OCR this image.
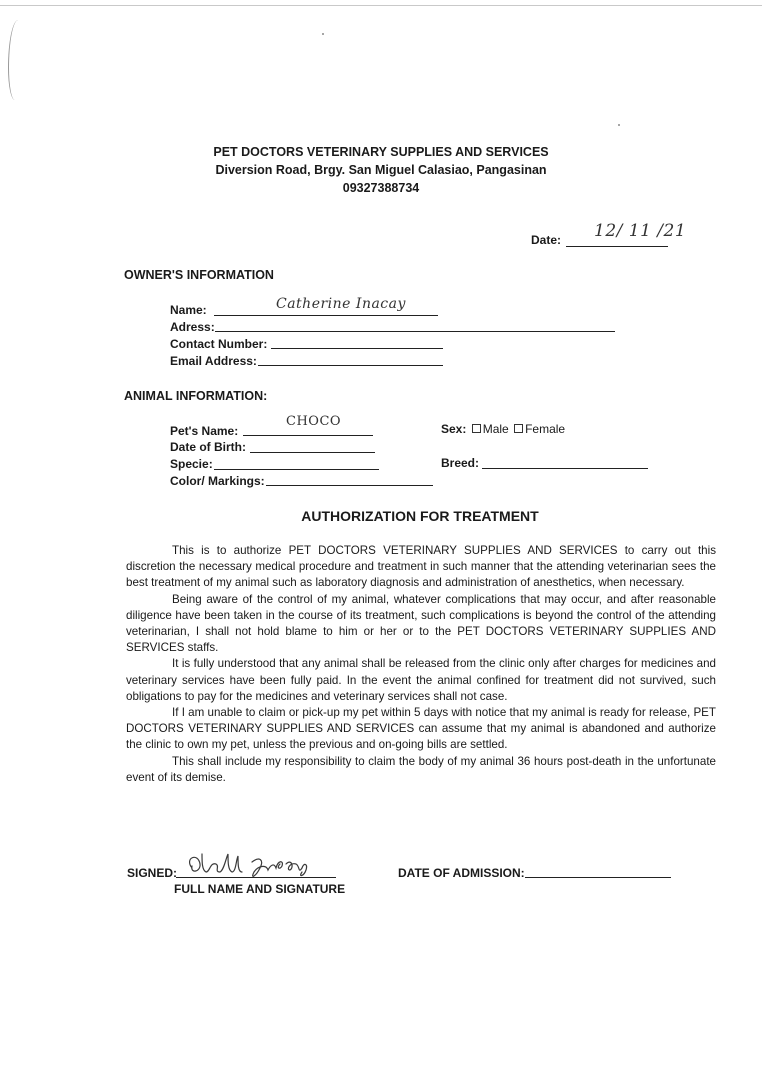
PET DOCTORS VETERINARY SUPPLIES AND SERVICES
Diversion Road, Brgy. San Miguel Calasiao, Pangasinan
09327388734
Date: 12/ 11 /21
OWNER'S INFORMATION
Name:	Catherine Inacay
Adress:
Contact Number:
Email Address:
ANIMAL INFORMATION:
Pet's Name:
CHOCO
Date of Birth:
Specie:
Color/ Markings:
Sex: Male Female
Breed:
AUTHORIZATION FOR TREATMENT

This is to authorize PET DOCTORS VETERINARY SUPPLIES AND SERVICES to carry out this discretion the necessary medical procedure and treatment in such manner that the attending veterinarian sees the best treatment of my animal such as laboratory diagnosis and administration of anesthetics, when necessary.

Being aware of the control of my animal, whatever complications that may occur, and after reasonable diligence have been taken in the course of its treatment, such complications is beyond the control of the attending veterinarian, I shall not hold blame to him or her or to the PET DOCTORS VETERINARY SUPPLIES AND SERVICES staffs.

It is fully understood that any animal shall be released from the clinic only after charges for medicines and veterinary services have been fully paid. In the event the animal confined for treatment did not survived, such obligations to pay for the medicines and veterinary services shall not case.

If I am unable to claim or pick-up my pet within 5 days with notice that my animal is ready for release, PET DOCTORS VETERINARY SUPPLIES AND SERVICES can assume that my animal is abandoned and authorize the clinic to own my pet, unless the previous and on-going bills are settled.

This shall include my responsibility to claim the body of my animal 36 hours post-death in the unfortunate event of its demise.

SIGNED:
FULL NAME AND SIGNATURE
DATE OF ADMISSION:
